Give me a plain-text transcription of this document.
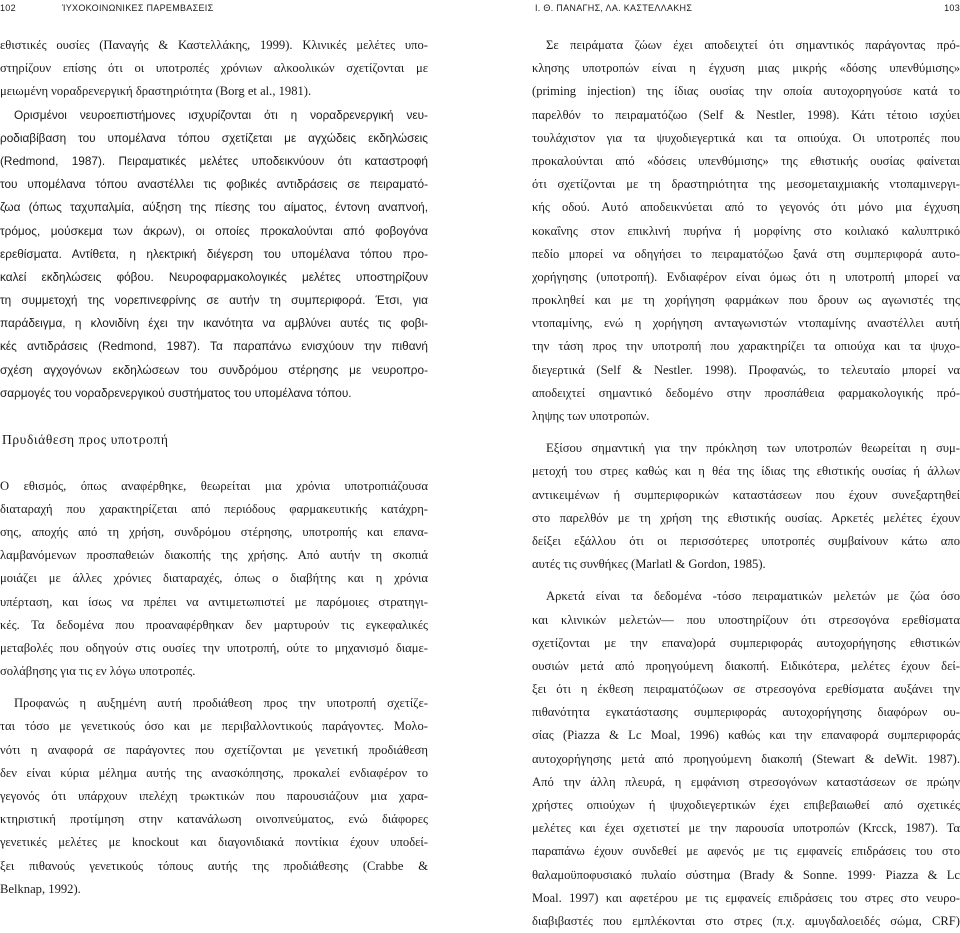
102	ΊΥΧΟΚΟΙΝΩΝΙΚΕΣ ΠΑΡΕΜΒΑΣΕΙΣ	Ι. Θ. ΠΑΝΑΓΗΣ, ΛΑ. ΚΑΣΤΕΛΛΑΚΗΣ	103
εθιστικές ουσίες (Παναγής & Καστελλάκης, 1999). Κλινικές μελέτες υπο-
στηρίζουν επίσης ότι οι υποτροπές χρόνιων αλκοολικών σχετίζονται με
μειωμένη νοραδρενεργική δραστηριότητα (Borg et al., 1981).
Ορισμένοι νευροεπιστήμονες ισχυρίζονται ότι η νοραδρενεργική νευ-
ροδιαβίβαση του υπομέλανα τόπου σχετίζεται με αγχώδεις εκδηλώσεις
(Redmond, 1987). Πειραματικές μελέτες υποδεικνύουν ότι καταστροφή
του υπομέλανα τόπου αναστέλλει τις φοβικές αντιδράσεις σε πειραματό-
ζωα (όπως ταχυπαλμία, αύξηση της πίεσης του αίματος, έντονη αναπνοή,
τρόμος, μούσκεμα των άκρων), οι οποίες προκαλούνται από φοβογόνα
ερεθίσματα. Αντίθετα, η ηλεκτρική διέγερση του υπομέλανα τόπου προ-
καλεί εκδηλώσεις φόβου. Νευροφαρμακολογικές μελέτες υποστηρίζουν
τη συμμετοχή της νορεπινεφρίνης σε αυτήν τη συμπεριφορά. Έτσι, για
παράδειγμα, η κλονιδίνη έχει την ικανότητα να αμβλύνει αυτές τις φοβι-
κές αντιδράσεις (Redmond, 1987). Τα παραπάνω ενισχύουν την πιθανή
σχέση αγχογόνων εκδηλώσεων του συνδρόμου στέρησης με νευροπρο-
σαρμογές του νοραδρενεργικού συστήματος του υπομέλανα τόπου.
Πρυδιάθεση προς υποτροπή
Ο εθισμός, όπως αναφέρθηκε, θεωρείται μια χρόνια υποτροπιάζουσα
διαταραχή που χαρακτηρίζεται από περιόδους φαρμακευτικής κατάχρη-
σης, αποχής από τη χρήση, συνδρόμου στέρησης, υποτροπής και επανα-
λαμβανόμενων προσπαθειών διακοπής της χρήσης. Από αυτήν τη σκοπιά
μοιάζει με άλλες χρόνιες διαταραχές, όπως ο διαβήτης και η χρόνια
υπέρταση, και ίσως να πρέπει να αντιμετωπιστεί με παρόμοιες στρατηγι-
κές. Τα δεδομένα που προαναφέρθηκαν δεν μαρτυρούν τις εγκεφαλικές
μεταβολές που οδηγούν στις ουσίες την υποτροπή, ούτε το μηχανισμό διαμε-
σολάβησης για τις εν λόγω υποτροπές.
Προφανώς η αυξημένη αυτή προδιάθεση προς την υποτροπή σχετίζε-
ται τόσο με γενετικούς όσο και με περιβαλλοντικούς παράγοντες. Μολο-
νότι η αναφορά σε παράγοντες που σχετίζονται με γενετική προδιάθεση
δεν είναι κύρια μέλημα αυτής της ανασκόπησης, προκαλεί ενδιαφέρον το
γεγονός ότι υπάρχουν ιπελέχη τρωκτικών που παρουσιάζουν μια χαρα-
κτηριστική προτίμηση στην κατανάλωση οινοπνεύματος, ενώ διάφορες
γενετικές μελέτες με knockout και διαγονιδιακά ποντίκια έχουν υποδεί-
ξει πιθανούς γενετικούς τόπους αυτής της προδιάθεσης (Crabbe &
Belknap, 1992).
Σε πειράματα ζώων έχει αποδειχτεί ότι σημαντικός παράγοντας πρό-
κλησης υποτροπών είναι η έγχυση μιας μικρής «δόσης υπενθύμισης»
(priming injection) της ίδιας ουσίας την οποία αυτοχορηγούσε κατά το
παρελθόν το πειραματόζωο (Self & Nestler, 1998). Κάτι τέτοιο ισχύει
τουλάχιστον για τα ψυχοδιεγερτικά και τα οπιούχα. Οι υποτροπές που
προκαλούνται από «δόσεις υπενθύμισης» της εθιστικής ουσίας φαίνεται
ότι σχετίζονται με τη δραστηριότητα της μεσομεταιχμιακής ντοπαμινεργι-
κής οδού. Αυτό αποδεικνύεται από το γεγονός ότι μόνο μια έγχυση
κοκαΐνης στον επικλινή πυρήνα ή μορφίνης στο κοιλιακό καλυπτρικό
πεδίο μπορεί να οδηγήσει το πειραματόζωο ξανά στη συμπεριφορά αυτο-
χορήγησης (υποτροπή). Ενδιαφέρον είναι όμως ότι η υποτροπή μπορεί να
προκληθεί και με τη χορήγηση φαρμάκων που δρουν ως αγωνιστές της
ντοπαμίνης, ενώ η χορήγηση ανταγωνιστών ντοπαμίνης αναστέλλει αυτή
την τάση προς την υποτροπή που χαρακτηρίζει τα οπιούχα και τα ψυχο-
διεγερτικά (Self & Nestler. 1998). Προφανώς, το τελευταίο μπορεί να
αποδειχτεί σημαντικό δεδομένο στην προσπάθεια φαρμακολογικής πρό-
ληψης των υποτροπών.
Εξίσου σημαντική για την πρόκληση των υποτροπών θεωρείται η συμ-
μετοχή του στρες καθώς και η θέα της ίδιας της εθιστικής ουσίας ή άλλων
αντικειμένων ή συμπεριφορικών καταστάσεων που έχουν συνεξαρτηθεί
στο παρελθόν με τη χρήση της εθιστικής ουσίας. Αρκετές μελέτες έχουν
δείξει εξάλλου ότι οι περισσότερες υποτροπές συμβαίνουν κάτω απο
αυτές τις συνθήκες (Marlatl & Gordon, 1985).
Αρκετά είναι τα δεδομένα -τόσο πειραματικών μελετών με ζώα όσο
και κλινικών μελετών— που υποστηρίζουν ότι στρεσογόνα ερεθίσματα
σχετίζονται με την επανα)ορά συμπεριφοράς αυτοχορήγησης εθιστικών
ουσιών μετά από προηγούμενη διακοπή. Ειδικότερα, μελέτες έχουν δεί-
ξει ότι η έκθεση πειραματόζωων σε στρεσογόνα ερεθίσματα αυξάνει την
πιθανότητα εγκατάστασης συμπεριφοράς αυτοχορήγησης διαφόρων ου-
σίας (Piazza & Lc Moal, 1996) καθώς και την επαναφορά συμπεριφοράς
αυτοχορήγησης μετά από προηγούμενη διακοπή (Stewart & deWit. 1987).
Από την άλλη πλευρά, η εμφάνιση στρεσογόνων καταστάσεων σε πρώην
χρήστες οπιούχων ή ψυχοδιεγερτικών έχει επιβεβαιωθεί από σχετικές
μελέτες και έχει σχετιστεί με την παρουσία υποτροπών (Krcck, 1987). Τα
παραπάνω έχουν συνδεθεί με αφενός με τις εμφανείς επιδράσεις του στο
θαλαμοϋποφυσιακό πυλαίο σύστημα (Brady & Sonne. 1999· Piazza & Lc
Moal. 1997) και αφετέρου με τις εμφανείς επιδράσεις του στρες στο νευρο-
διαβιβαστές που εμπλέκονται στο στρες (π.χ. αμυγδαλοειδές σώμα, CRF)
